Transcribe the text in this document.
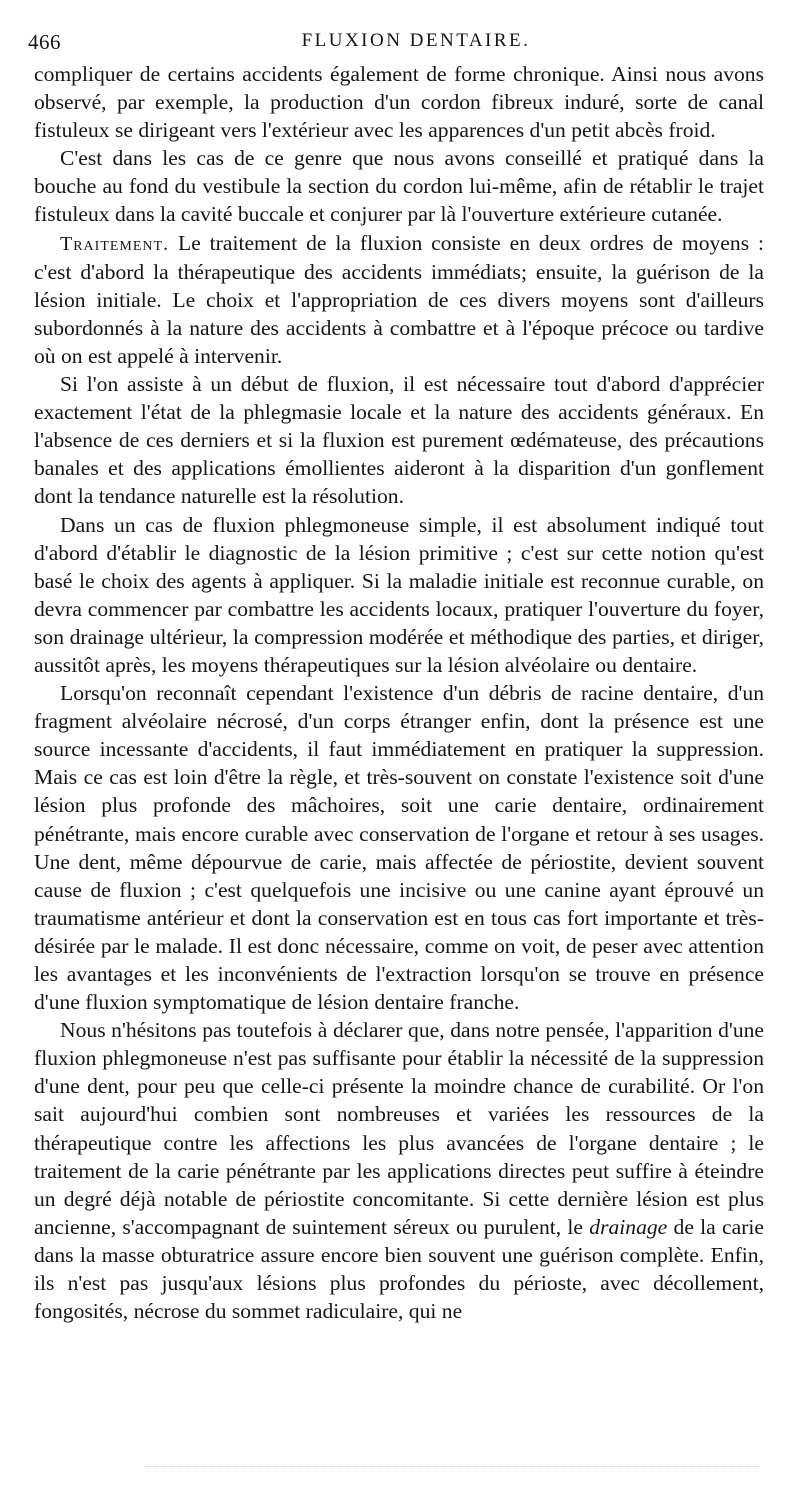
466	FLUXION DENTAIRE.

compliquer de certains accidents également de forme chronique. Ainsi nous avons observé, par exemple, la production d'un cordon fibreux induré, sorte de canal fistuleux se dirigeant vers l'extérieur avec les apparences d'un petit abcès froid.

C'est dans les cas de ce genre que nous avons conseillé et pratiqué dans la bouche au fond du vestibule la section du cordon lui-même, afin de rétablir le trajet fistuleux dans la cavité buccale et conjurer par là l'ouverture extérieure cutanée.

Traitement. Le traitement de la fluxion consiste en deux ordres de moyens : c'est d'abord la thérapeutique des accidents immédiats; ensuite, la guérison de la lésion initiale. Le choix et l'appropriation de ces divers moyens sont d'ailleurs subordonnés à la nature des accidents à combattre et à l'époque précoce ou tardive où on est appelé à intervenir.

Si l'on assiste à un début de fluxion, il est nécessaire tout d'abord d'apprécier exactement l'état de la phlegmasie locale et la nature des accidents généraux. En l'absence de ces derniers et si la fluxion est purement œdémateuse, des précautions banales et des applications émollientes aideront à la disparition d'un gonflement dont la tendance naturelle est la résolution.

Dans un cas de fluxion phlegmoneuse simple, il est absolument indiqué tout d'abord d'établir le diagnostic de la lésion primitive ; c'est sur cette notion qu'est basé le choix des agents à appliquer. Si la maladie initiale est reconnue curable, on devra commencer par combattre les accidents locaux, pratiquer l'ouverture du foyer, son drainage ultérieur, la compression modérée et méthodique des parties, et diriger, aussitôt après, les moyens thérapeutiques sur la lésion alvéolaire ou dentaire.

Lorsqu'on reconnaît cependant l'existence d'un débris de racine dentaire, d'un fragment alvéolaire nécrosé, d'un corps étranger enfin, dont la présence est une source incessante d'accidents, il faut immédiatement en pratiquer la suppression. Mais ce cas est loin d'être la règle, et très-souvent on constate l'existence soit d'une lésion plus profonde des mâchoires, soit une carie dentaire, ordinairement pénétrante, mais encore curable avec conservation de l'organe et retour à ses usages. Une dent, même dépourvue de carie, mais affectée de périostite, devient souvent cause de fluxion ; c'est quelquefois une incisive ou une canine ayant éprouvé un traumatisme antérieur et dont la conservation est en tous cas fort importante et très-désirée par le malade. Il est donc nécessaire, comme on voit, de peser avec attention les avantages et les inconvénients de l'extraction lorsqu'on se trouve en présence d'une fluxion symptomatique de lésion dentaire franche.

Nous n'hésitons pas toutefois à déclarer que, dans notre pensée, l'apparition d'une fluxion phlegmoneuse n'est pas suffisante pour établir la nécessité de la suppression d'une dent, pour peu que celle-ci présente la moindre chance de curabilité. Or l'on sait aujourd'hui combien sont nombreuses et variées les ressources de la thérapeutique contre les affections les plus avancées de l'organe dentaire ; le traitement de la carie pénétrante par les applications directes peut suffire à éteindre un degré déjà notable de périostite concomitante. Si cette dernière lésion est plus ancienne, s'accompagnant de suintement séreux ou purulent, le drainage de la carie dans la masse obturatrice assure encore bien souvent une guérison complète. Enfin, ils n'est pas jusqu'aux lésions plus profondes du périoste, avec décollement, fongosités, nécrose du sommet radiculaire, qui ne
